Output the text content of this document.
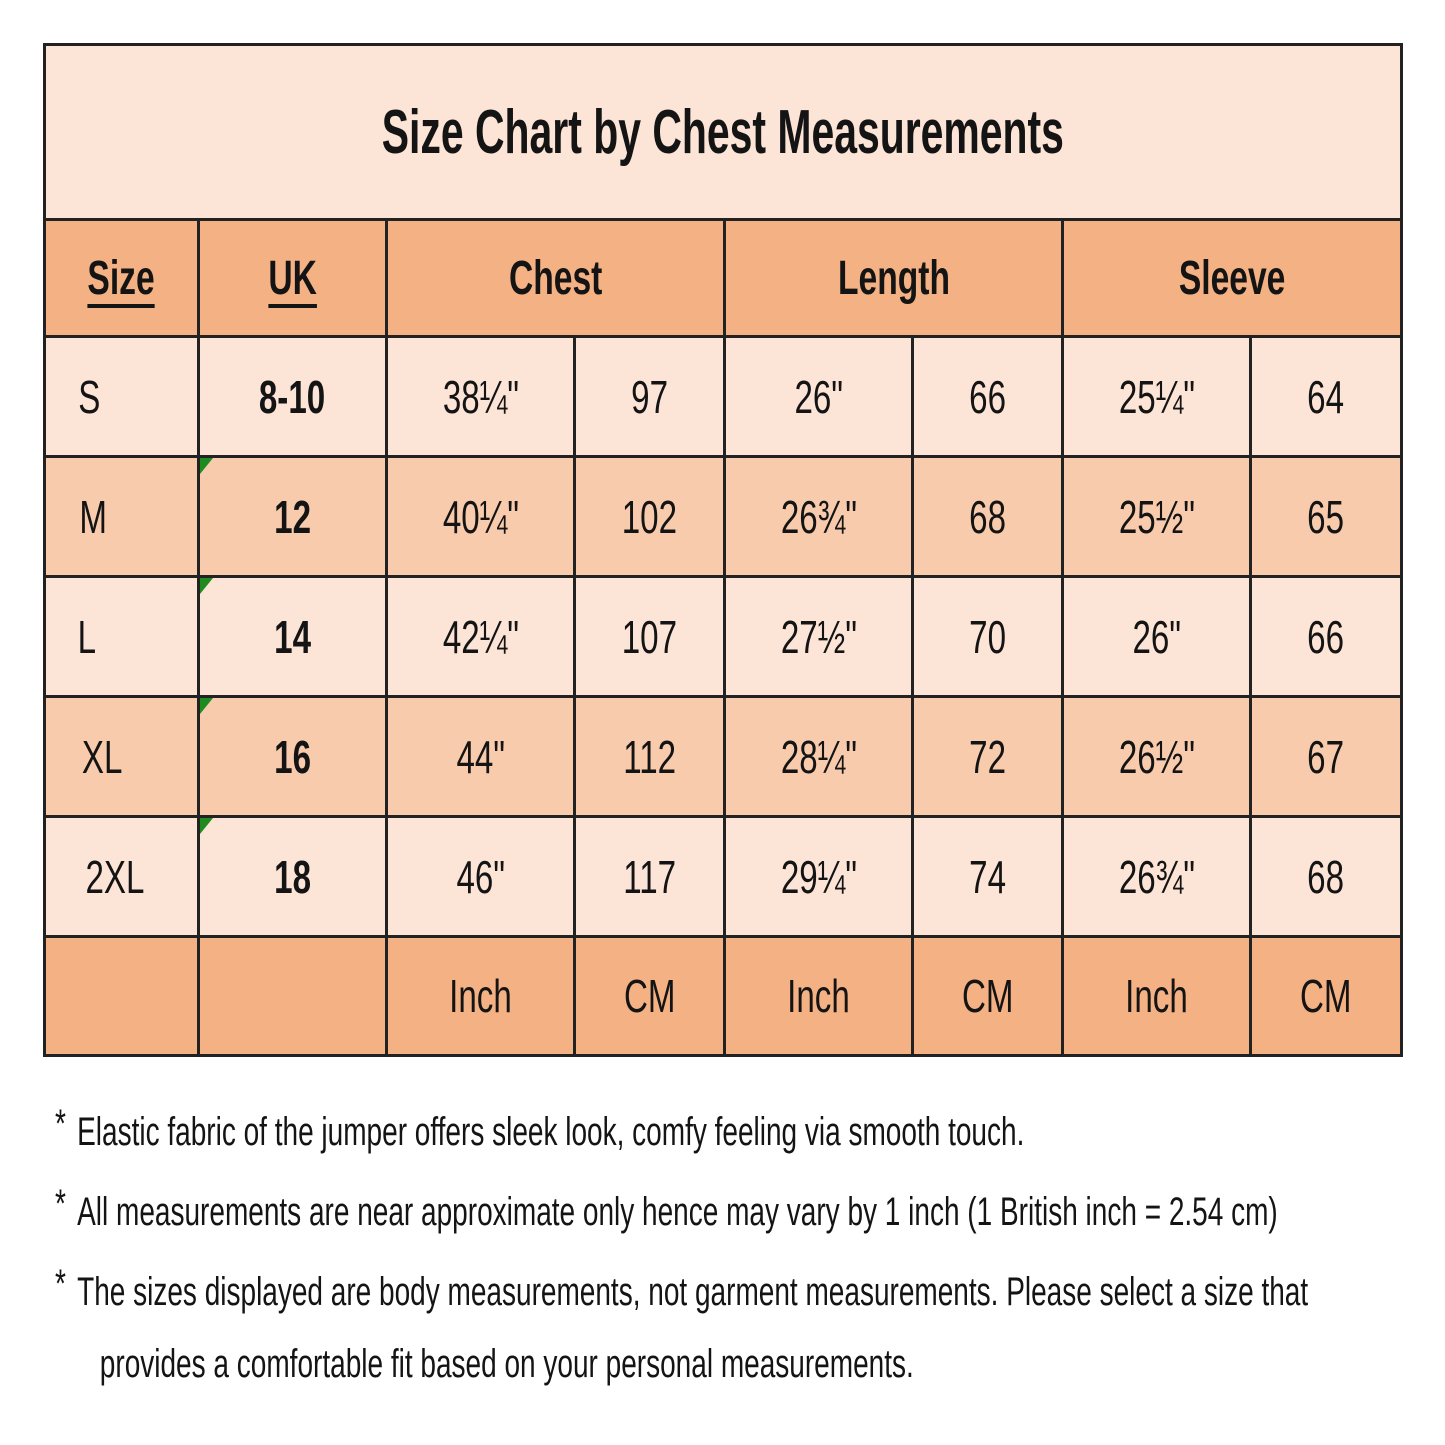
Size Chart by Chest Measurements							
Size	UK	Chest		Length		Sleeve	
S	8-10	38¼"	97	26"	66	25¼"	64
M	12	40¼"	102	26¾"	68	25½"	65
L	14	42¼"	107	27½"	70	26"	66
XL	16	44"	112	28¼"	72	26½"	67
2XL	18	46"	117	29¼"	74	26¾"	68
		Inch	CM	Inch	CM	Inch	CM
* Elastic fabric of the jumper offers sleek look, comfy feeling via smooth touch.
* All measurements are near approximate only hence may vary by 1 inch (1 British inch = 2.54 cm)
* The sizes displayed are body measurements, not garment measurements. Please select a size that provides a comfortable fit based on your personal measurements.
